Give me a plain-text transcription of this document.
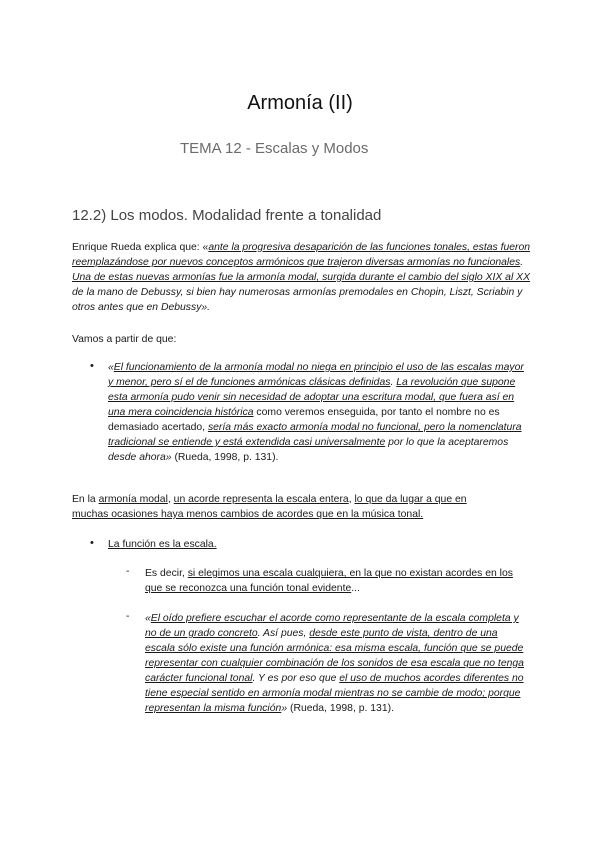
Armonía (II)
TEMA 12 - Escalas y Modos
12.2) Los modos. Modalidad frente a tonalidad
Enrique Rueda explica que: «ante la progresiva desaparición de las funciones tonales, estas fueron reemplazándose por nuevos conceptos armónicos que trajeron diversas armonías no funcionales. Una de estas nuevas armonías fue la armonía modal, surgida durante el cambio del siglo XIX al XX de la mano de Debussy, si bien hay numerosas armonías premodales en Chopin, Liszt, Scriabin y otros antes que en Debussy».
Vamos a partir de que:
• «El funcionamiento de la armonía modal no niega en principio el uso de las escalas mayor y menor, pero sí el de funciones armónicas clásicas definidas. La revolución que supone esta armonía pudo venir sin necesidad de adoptar una escritura modal, que fuera así en una mera coincidencia histórica como veremos enseguida, por tanto el nombre no es demasiado acertado, sería más exacto armonía modal no funcional, pero la nomenclatura tradicional se entiende y está extendida casi universalmente por lo que la aceptaremos desde ahora» (Rueda, 1998, p. 131).
En la armonía modal, un acorde representa la escala entera, lo que da lugar a que en muchas ocasiones haya menos cambios de acordes que en la música tonal.
• La función es la escala.
- Es decir, si elegimos una escala cualquiera, en la que no existan acordes en los que se reconozca una función tonal evidente...
- «El oído prefiere escuchar el acorde como representante de la escala completa y no de un grado concreto. Así pues, desde este punto de vista, dentro de una escala sólo existe una función armónica: esa misma escala, función que se puede representar con cualquier combinación de los sonidos de esa escala que no tenga carácter funcional tonal. Y es por eso que el uso de muchos acordes diferentes no tiene especial sentido en armonía modal mientras no se cambie de modo; porque representan la misma función» (Rueda, 1998, p. 131).
